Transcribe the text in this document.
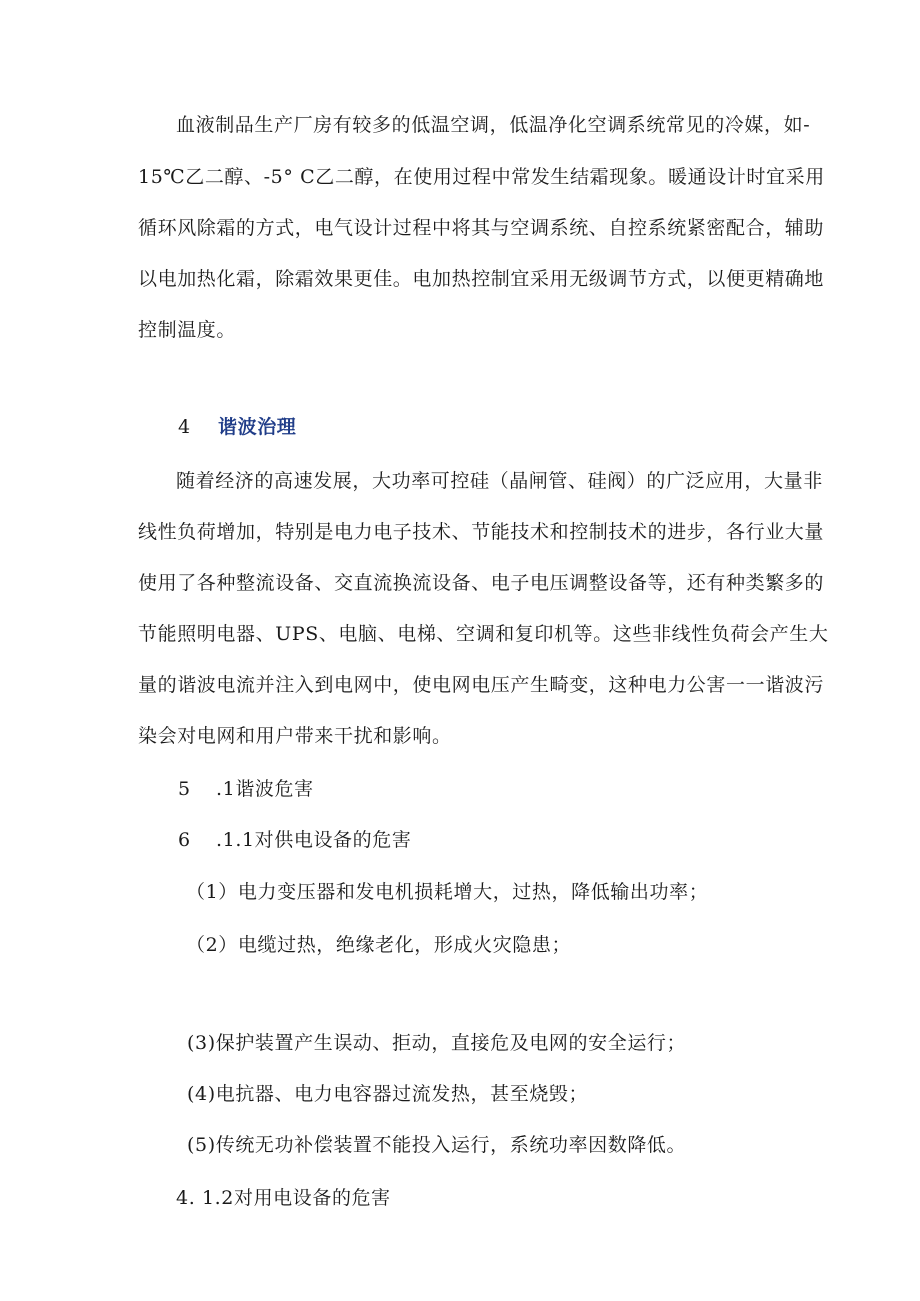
血液制品生产厂房有较多的低温空调，低温净化空调系统常见的冷媒，如-

15℃乙二醇、-5° C乙二醇，在使用过程中常发生结霜现象。暖通设计时宜采用

循环风除霜的方式，电气设计过程中将其与空调系统、自控系统紧密配合，辅助

以电加热化霜，除霜效果更佳。电加热控制宜采用无级调节方式，以便更精确地

控制温度。

4 谐波治理

随着经济的高速发展，大功率可控硅（晶闸管、硅阀）的广泛应用，大量非

线性负荷增加，特别是电力电子技术、节能技术和控制技术的进步，各行业大量

使用了各种整流设备、交直流换流设备、电子电压调整设备等，还有种类繁多的

节能照明电器、UPS、电脑、电梯、空调和复印机等。这些非线性负荷会产生大

量的谐波电流并注入到电网中，使电网电压产生畸变，这种电力公害一一谐波污

染会对电网和用户带来干扰和影响。

5 .1谐波危害
6 .1.1对供电设备的危害

（1）电力变压器和发电机损耗增大，过热，降低输出功率；

（2）电缆过热，绝缘老化，形成火灾隐患；

(3)保护装置产生误动、拒动，直接危及电网的安全运行；

(4)电抗器、电力电容器过流发热，甚至烧毁；

(5)传统无功补偿装置不能投入运行，系统功率因数降低。

4. 1.2对用电设备的危害
